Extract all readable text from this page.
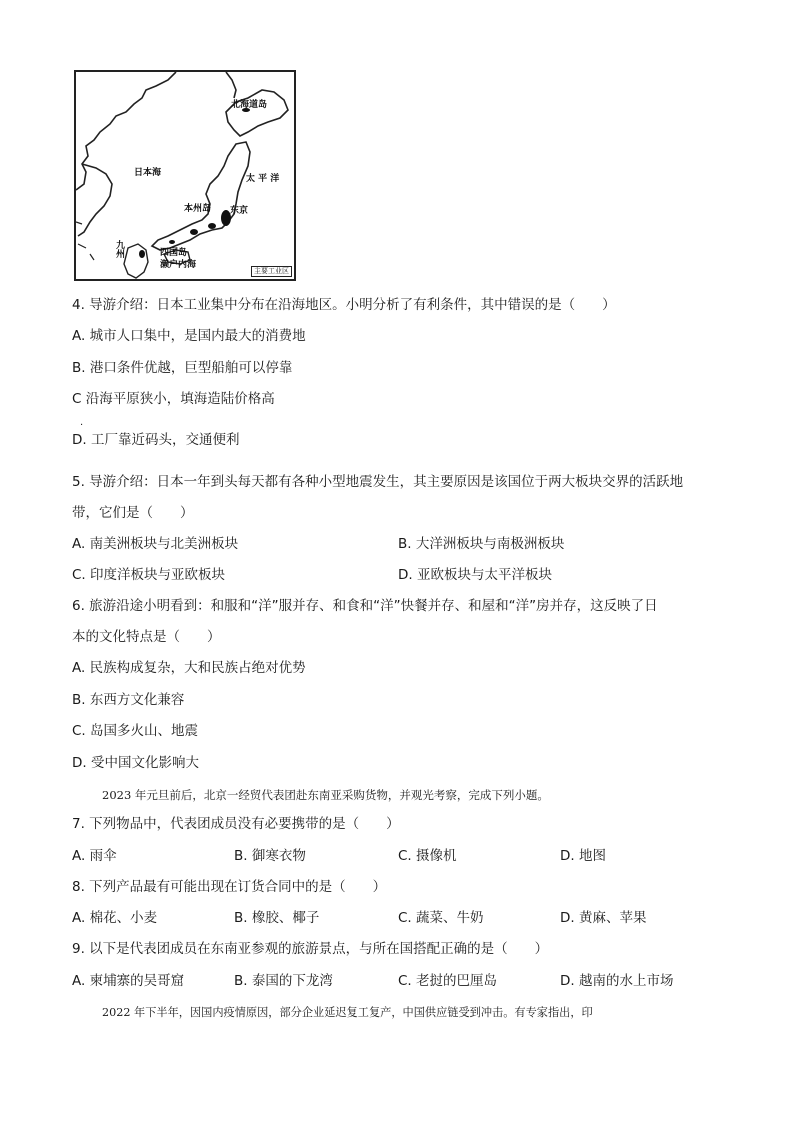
北海道岛
日本海
太 平 洋
本州岛 东京
九州	四国岛
濑户内海
主要工业区
4. 导游介绍：日本工业集中分布在沿海地区。小明分析了有利条件，其中错误的是（　　）
A. 城市人口集中，是国内最大的消费地
B. 港口条件优越，巨型船舶可以停靠
C 沿海平原狭小，填海造陆价格高
.
D. 工厂靠近码头，交通便利
5. 导游介绍：日本一年到头每天都有各种小型地震发生，其主要原因是该国位于两大板块交界的活跃地
带，它们是（　　）
A. 南美洲板块与北美洲板块	B. 大洋洲板块与南极洲板块
C. 印度洋板块与亚欧板块	D. 亚欧板块与太平洋板块
6. 旅游沿途小明看到：和服和“洋”服并存、和食和“洋”快餐并存、和屋和“洋”房并存，这反映了日
本的文化特点是（　　）
A. 民族构成复杂，大和民族占绝对优势
B. 东西方文化兼容
C. 岛国多火山、地震
D. 受中国文化影响大
2023 年元旦前后，北京一经贸代表团赴东南亚采购货物，并观光考察，完成下列小题。
7. 下列物品中，代表团成员没有必要携带的是（　　）
A. 雨伞	B. 御寒衣物	C. 摄像机	D. 地图
8. 下列产品最有可能出现在订货合同中的是（　　）
A. 棉花、小麦	B. 橡胶、椰子	C. 蔬菜、牛奶	D. 黄麻、苹果
9. 以下是代表团成员在东南亚参观的旅游景点，与所在国搭配正确的是（　　）
A. 柬埔寨的吴哥窟	B. 泰国的下龙湾	C. 老挝的巴厘岛	D. 越南的水上市场
2022 年下半年，因国内疫情原因，部分企业延迟复工复产，中国供应链受到冲击。有专家指出，印
